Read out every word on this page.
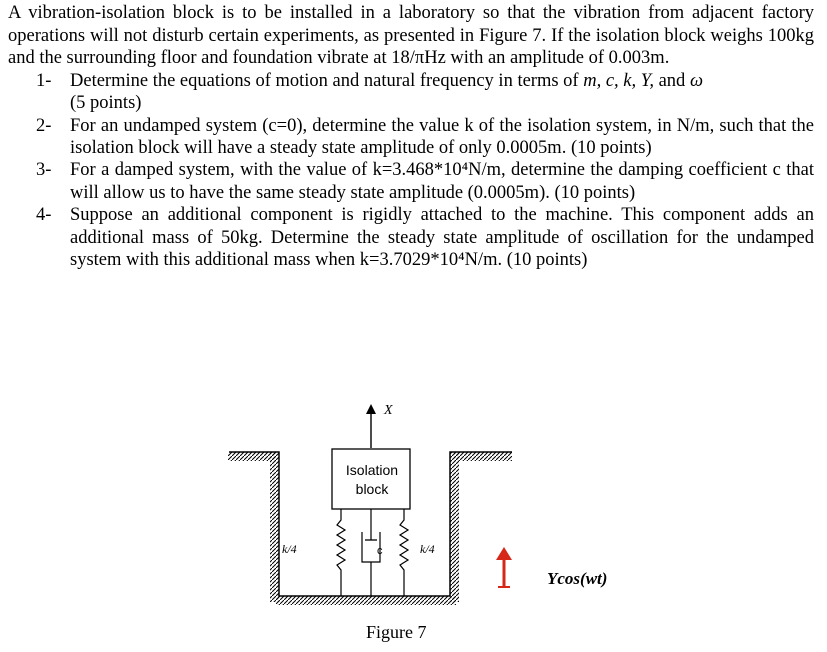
A vibration-isolation block is to be installed in a laboratory so that the vibration from adjacent factory operations will not disturb certain experiments, as presented in Figure 7. If the isolation block weighs 100kg and the surrounding floor and foundation vibrate at 18/πHz with an amplitude of 0.003m.

1- Determine the equations of motion and natural frequency in terms of m, c, k, Y, and ω
(5 points)
2- For an undamped system (c=0), determine the value k of the isolation system, in N/m, such that the isolation block will have a steady state amplitude of only 0.0005m. (10 points)
3- For a damped system, with the value of k=3.468*10⁴N/m, determine the damping coefficient c that will allow us to have the same steady state amplitude (0.0005m). (10 points)
4- Suppose an additional component is rigidly attached to the machine. This component adds an additional mass of 50kg. Determine the steady state amplitude of oscillation for the undamped system with this additional mass when k=3.7029*10⁴N/m. (10 points)
Isolation
block
X
k/4	c	k/4
Ycos(wt)
Figure 7
